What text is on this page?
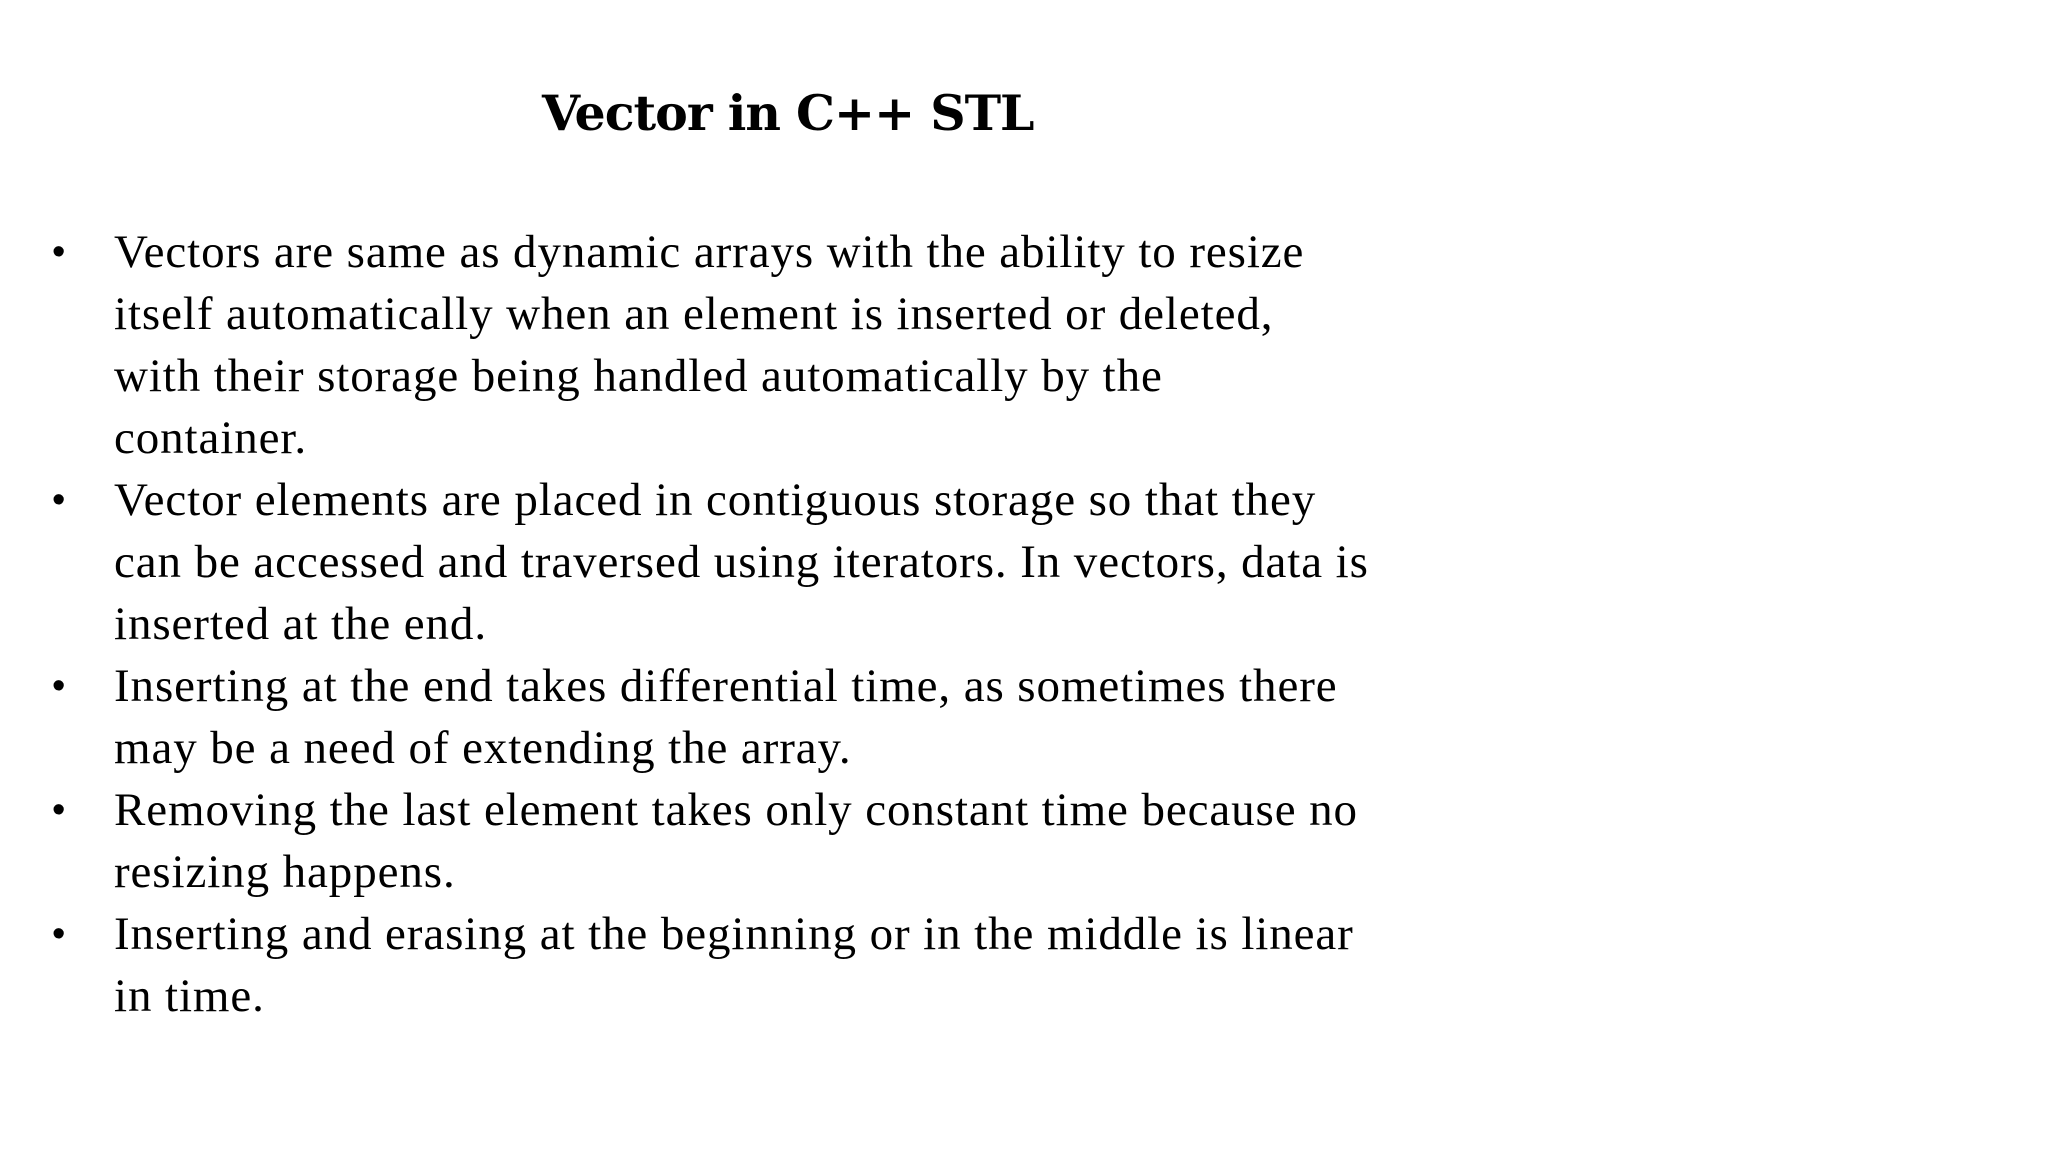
Vector in C++ STL
• Vectors are same as dynamic arrays with the ability to resize
itself automatically when an element is inserted or deleted,
with their storage being handled automatically by the
container.
• Vector elements are placed in contiguous storage so that they
can be accessed and traversed using iterators. In vectors, data is
inserted at the end.
• Inserting at the end takes differential time, as sometimes there
may be a need of extending the array.
• Removing the last element takes only constant time because no
resizing happens.
• Inserting and erasing at the beginning or in the middle is linear
in time.
